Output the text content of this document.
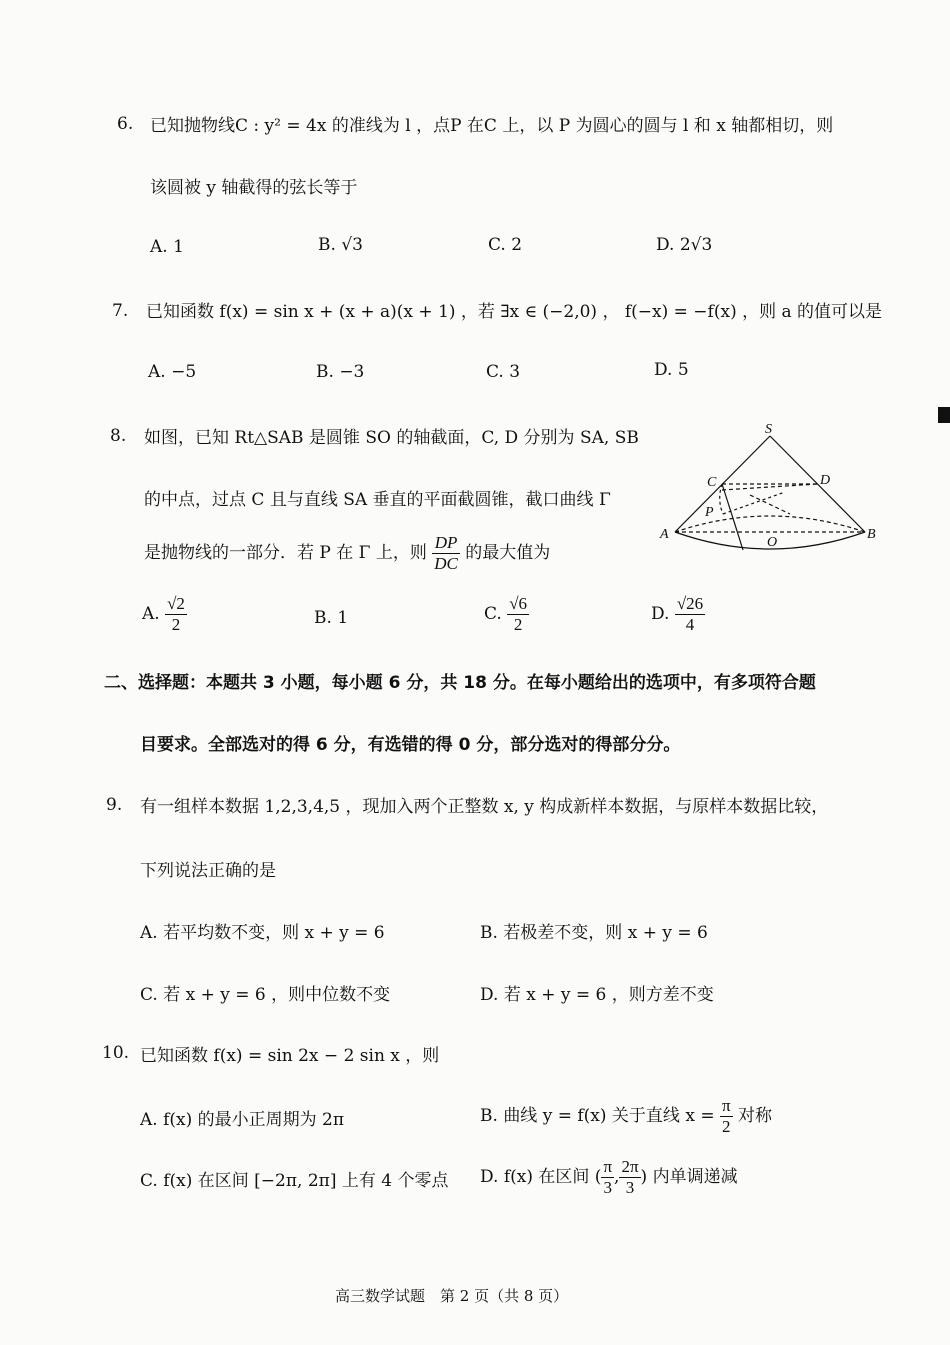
6. 已知抛物线C : y² = 4x 的准线为 l ，点P 在C 上，以 P 为圆心的圆与 l 和 x 轴都相切，则
该圆被 y 轴截得的弦长等于
A. 1	B. √3	C. 2	D. 2√3
7. 已知函数 f(x) = sin x + (x + a)(x + 1) ，若 ∃x ∈ (−2,0) ， f(−x) = −f(x) ，则 a 的值可以是
A. −5	B. −3	C. 3	D. 5
8. 如图，已知 Rt△SAB 是圆锥 SO 的轴截面，C, D 分别为 SA, SB
的中点，过点 C 且与直线 SA 垂直的平面截圆锥，截口曲线 Γ
是抛物线的一部分．若 P 在 Γ 上，则 $\frac{DP}{DC}$ 的最大值为
A. $\frac{√2}{2}$	B. 1	C. $\frac{√6}{2}$	D. $\frac{√26}{4}$
S
C	D
P
A
O
B
二、选择题：本题共 3 小题，每小题 6 分，共 18 分。在每小题给出的选项中，有多项符合题
目要求。全部选对的得 6 分，有选错的得 0 分，部分选对的得部分分。
9. 有一组样本数据 1,2,3,4,5 ，现加入两个正整数 x, y 构成新样本数据，与原样本数据比较，
下列说法正确的是
A. 若平均数不变，则 x + y = 6	B. 若极差不变，则 x + y = 6
C. 若 x + y = 6 ，则中位数不变	D. 若 x + y = 6 ，则方差不变
10. 已知函数 f(x) = sin 2x − 2 sin x ，则
A. f(x) 的最小正周期为 2π	B. 曲线 y = f(x) 关于直线 $x = \frac{\pi}{2}$ 对称
C. f(x) 在区间 [−2π, 2π] 上有 4 个零点 D. f(x) 在区间 ( $\frac{\pi}{3}$ , $\frac{2\pi}{3}$ ) 内单调递减
高三数学试题　第 2 页（共 8 页）
